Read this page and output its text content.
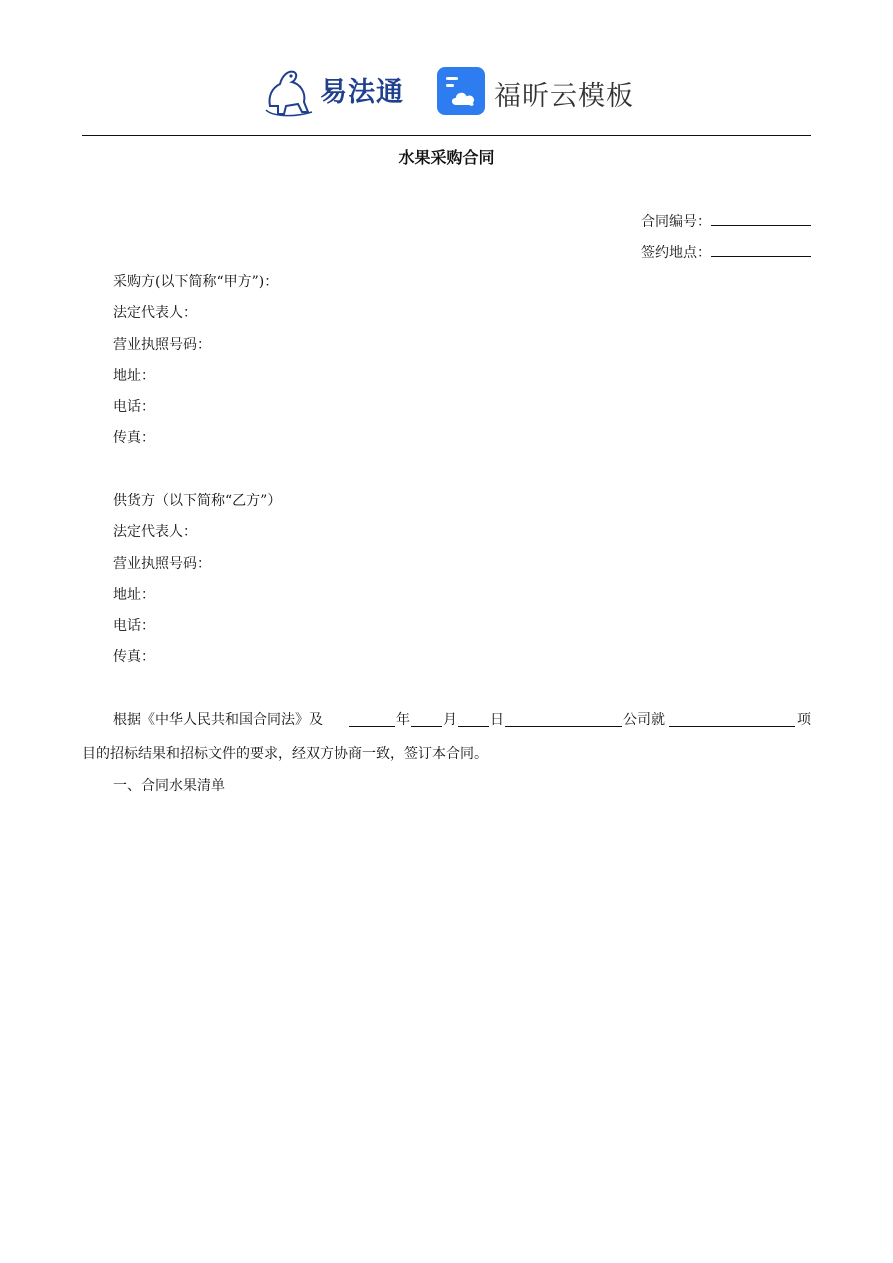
易法通	福昕云模板
水果采购合同
合同编号：
签约地点：
采购方(以下简称“甲方”)：
法定代表人：
营业执照号码：
地址：
电话：
传真：
供货方（以下简称“乙方”）
法定代表人：
营业执照号码：
地址：
电话：
传真：
根据《中华人民共和国合同法》及	年 月 日	公司就	项
目的招标结果和招标文件的要求，经双方协商一致，签订本合同。
一、合同水果清单
